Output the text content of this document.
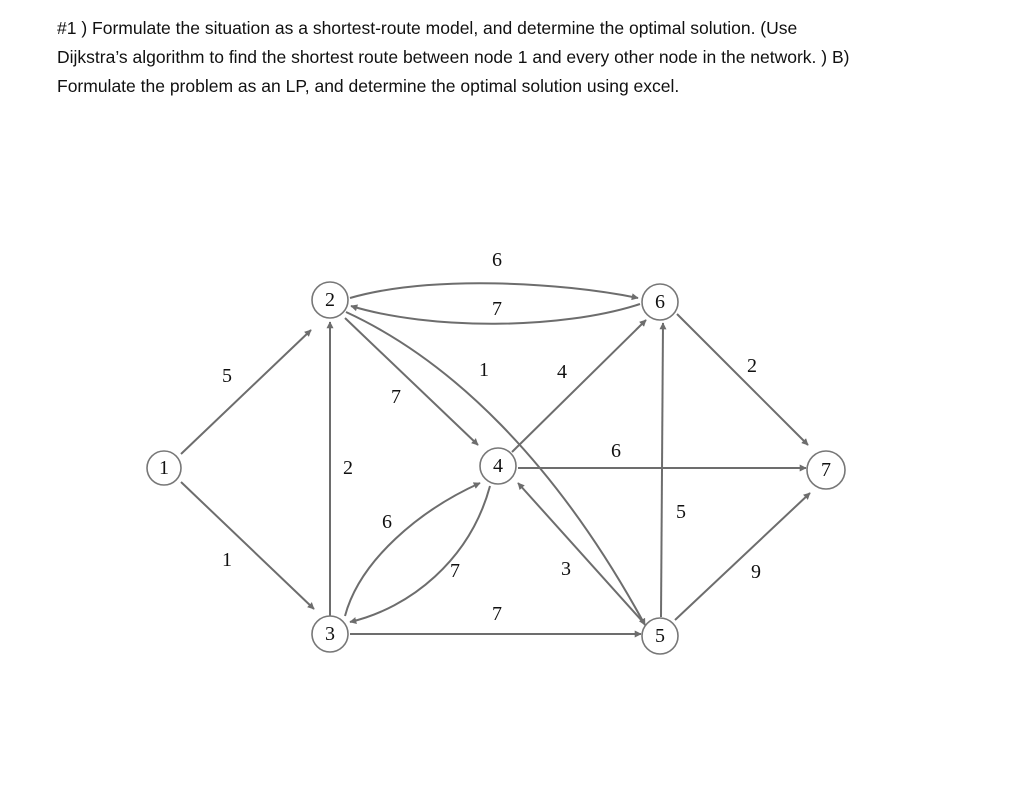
#1 ) Formulate the situation as a shortest-route model, and determine the optimal solution. (Use

Dijkstra’s algorithm to find the shortest route between node 1 and every other node in the network. ) B)

Formulate the problem as an LP, and determine the optimal solution using excel.

5
1
2
7
6
7
1
6
7
7
4
3
6
5
2
9
1
2
3
4
5
6
7
